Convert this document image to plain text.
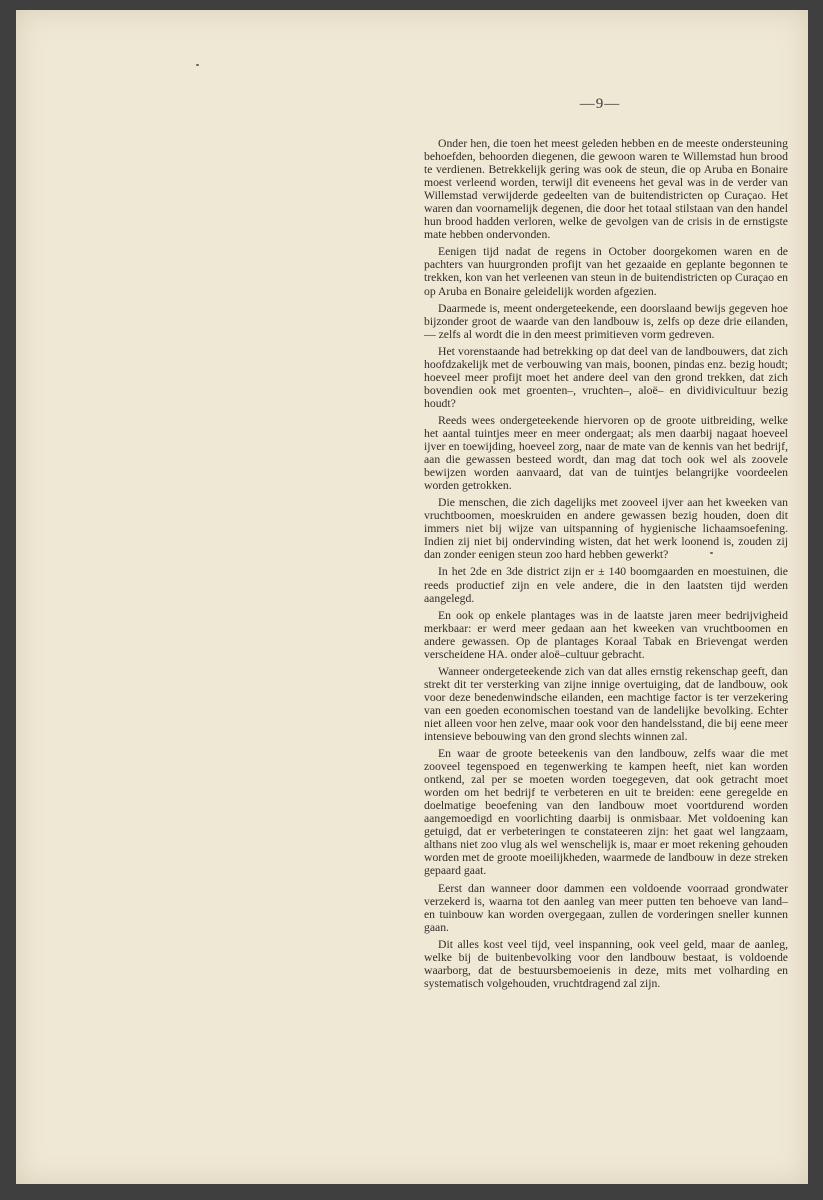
—9—

Onder hen, die toen het meest geleden hebben en de meeste ondersteuning behoefden, behoorden diegenen, die gewoon waren te Willemstad hun brood te verdienen. Betrekkelijk gering was ook de steun, die op Aruba en Bonaire moest verleend worden, terwijl dit eveneens het geval was in de verder van Willemstad verwijderde gedeelten van de buitendistricten op Curaçao. Het waren dan voornamelijk degenen, die door het totaal stilstaan van den handel hun brood hadden verloren, welke de gevolgen van de crisis in de ernstigste mate hebben ondervonden.

Eenigen tijd nadat de regens in October doorgekomen waren en de pachters van huurgronden profijt van het gezaaide en geplante begonnen te trekken, kon van het verleenen van steun in de buitendistricten op Curaçao en op Aruba en Bonaire geleidelijk worden afgezien.

Daarmede is, meent ondergeteekende, een doorslaand bewijs gegeven hoe bijzonder groot de waarde van den landbouw is, zelfs op deze drie eilanden, — zelfs al wordt die in den meest primitieven vorm gedreven.

Het vorenstaande had betrekking op dat deel van de landbouwers, dat zich hoofdzakelijk met de verbouwing van mais, boonen, pindas enz. bezig houdt; hoeveel meer profijt moet het andere deel van den grond trekken, dat zich bovendien ook met groenten–, vruchten–, aloë– en dividivicultuur bezig houdt?

Reeds wees ondergeteekende hiervoren op de groote uitbreiding, welke het aantal tuintjes meer en meer ondergaat; als men daarbij nagaat hoeveel ijver en toewijding, hoeveel zorg, naar de mate van de kennis van het bedrijf, aan die gewassen besteed wordt, dan mag dat toch ook wel als zoovele bewijzen worden aanvaard, dat van de tuintjes belangrijke voordeelen worden getrokken.

Die menschen, die zich dagelijks met zooveel ijver aan het kweeken van vruchtboomen, moeskruiden en andere gewassen bezig houden, doen dit immers niet bij wijze van uitspanning of hygienische lichaamsoefening. Indien zij niet bij ondervinding wisten, dat het werk loonend is, zouden zij dan zonder eenigen steun zoo hard hebben gewerkt?

In het 2de en 3de district zijn er ± 140 boomgaarden en moestuinen, die reeds productief zijn en vele andere, die in den laatsten tijd werden aangelegd.

En ook op enkele plantages was in de laatste jaren meer bedrijvigheid merkbaar: er werd meer gedaan aan het kweeken van vruchtboomen en andere gewassen. Op de plantages Koraal Tabak en Brievengat werden verscheidene HA. onder aloë–cultuur gebracht.

Wanneer ondergeteekende zich van dat alles ernstig rekenschap geeft, dan strekt dit ter versterking van zijne innige overtuiging, dat de landbouw, ook voor deze benedenwindsche eilanden, een machtige factor is ter verzekering van een goeden economischen toestand van de landelijke bevolking. Echter niet alleen voor hen zelve, maar ook voor den handelsstand, die bij eene meer intensieve bebouwing van den grond slechts winnen zal.

En waar de groote beteekenis van den landbouw, zelfs waar die met zooveel tegenspoed en tegenwerking te kampen heeft, niet kan worden ontkend, zal per se moeten worden toegegeven, dat ook getracht moet worden om het bedrijf te verbeteren en uit te breiden: eene geregelde en doelmatige beoefening van den landbouw moet voortdurend worden aangemoedigd en voorlichting daarbij is onmisbaar. Met voldoening kan getuigd, dat er verbeteringen te constateeren zijn: het gaat wel langzaam, althans niet zoo vlug als wel wenschelijk is, maar er moet rekening gehouden worden met de groote moeilijkheden, waarmede de landbouw in deze streken gepaard gaat.

Eerst dan wanneer door dammen een voldoende voorraad grondwater verzekerd is, waarna tot den aanleg van meer putten ten behoeve van land– en tuinbouw kan worden overgegaan, zullen de vorderingen sneller kunnen gaan.

Dit alles kost veel tijd, veel inspanning, ook veel geld, maar de aanleg, welke bij de buitenbevolking voor den landbouw bestaat, is voldoende waarborg, dat de bestuursbemoeienis in deze, mits met volharding en systematisch volgehouden, vruchtdragend zal zijn.
